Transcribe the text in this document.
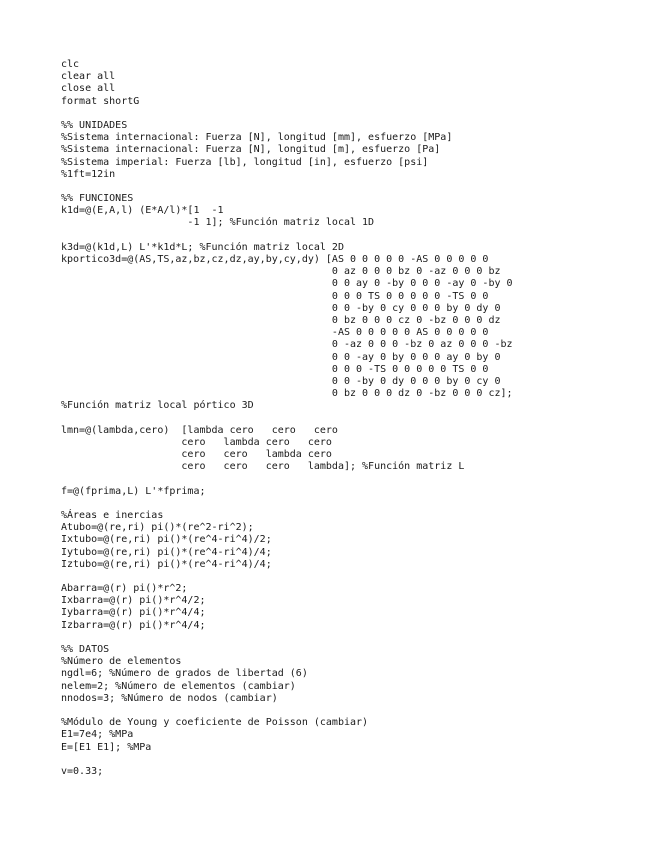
clc
clear all
close all
format shortG
%% UNIDADES
%Sistema internacional: Fuerza [N], longitud [mm], esfuerzo [MPa]
%Sistema internacional: Fuerza [N], longitud [m], esfuerzo [Pa]
%Sistema imperial: Fuerza [lb], longitud [in], esfuerzo [psi]
%1ft=12in
%% FUNCIONES
k1d=@(E,A,l) (E*A/l)*[1  -1
-1 1]; %Función matriz local 1D
k3d=@(k1d,L) L'*k1d*L; %Función matriz local 2D
kportico3d=@(AS,TS,az,bz,cz,dz,ay,by,cy,dy) [AS 0 0 0 0 0 -AS 0 0 0 0 0
0 az 0 0 0 bz 0 -az 0 0 0 bz
0 0 ay 0 -by 0 0 0 -ay 0 -by 0
0 0 0 TS 0 0 0 0 0 -TS 0 0
0 0 -by 0 cy 0 0 0 by 0 dy 0
0 bz 0 0 0 cz 0 -bz 0 0 0 dz
-AS 0 0 0 0 0 AS 0 0 0 0 0
0 -az 0 0 0 -bz 0 az 0 0 0 -bz
0 0 -ay 0 by 0 0 0 ay 0 by 0
0 0 0 -TS 0 0 0 0 0 TS 0 0
0 0 -by 0 dy 0 0 0 by 0 cy 0
0 bz 0 0 0 dz 0 -bz 0 0 0 cz];
%Función matriz local pórtico 3D
lmn=@(lambda,cero)  [lambda cero   cero   cero
cero   lambda cero   cero
cero   cero   lambda cero
cero   cero   cero   lambda]; %Función matriz L
f=@(fprima,L) L'*fprima;
%Áreas e inercias
Atubo=@(re,ri) pi()*(re^2-ri^2);
Ixtubo=@(re,ri) pi()*(re^4-ri^4)/2;
Iytubo=@(re,ri) pi()*(re^4-ri^4)/4;
Iztubo=@(re,ri) pi()*(re^4-ri^4)/4;
Abarra=@(r) pi()*r^2;
Ixbarra=@(r) pi()*r^4/2;
Iybarra=@(r) pi()*r^4/4;
Izbarra=@(r) pi()*r^4/4;
%% DATOS
%Número de elementos
ngdl=6; %Número de grados de libertad (6)
nelem=2; %Número de elementos (cambiar)
nnodos=3; %Número de nodos (cambiar)
%Módulo de Young y coeficiente de Poisson (cambiar)
E1=7e4; %MPa
E=[E1 E1]; %MPa
v=0.33;
